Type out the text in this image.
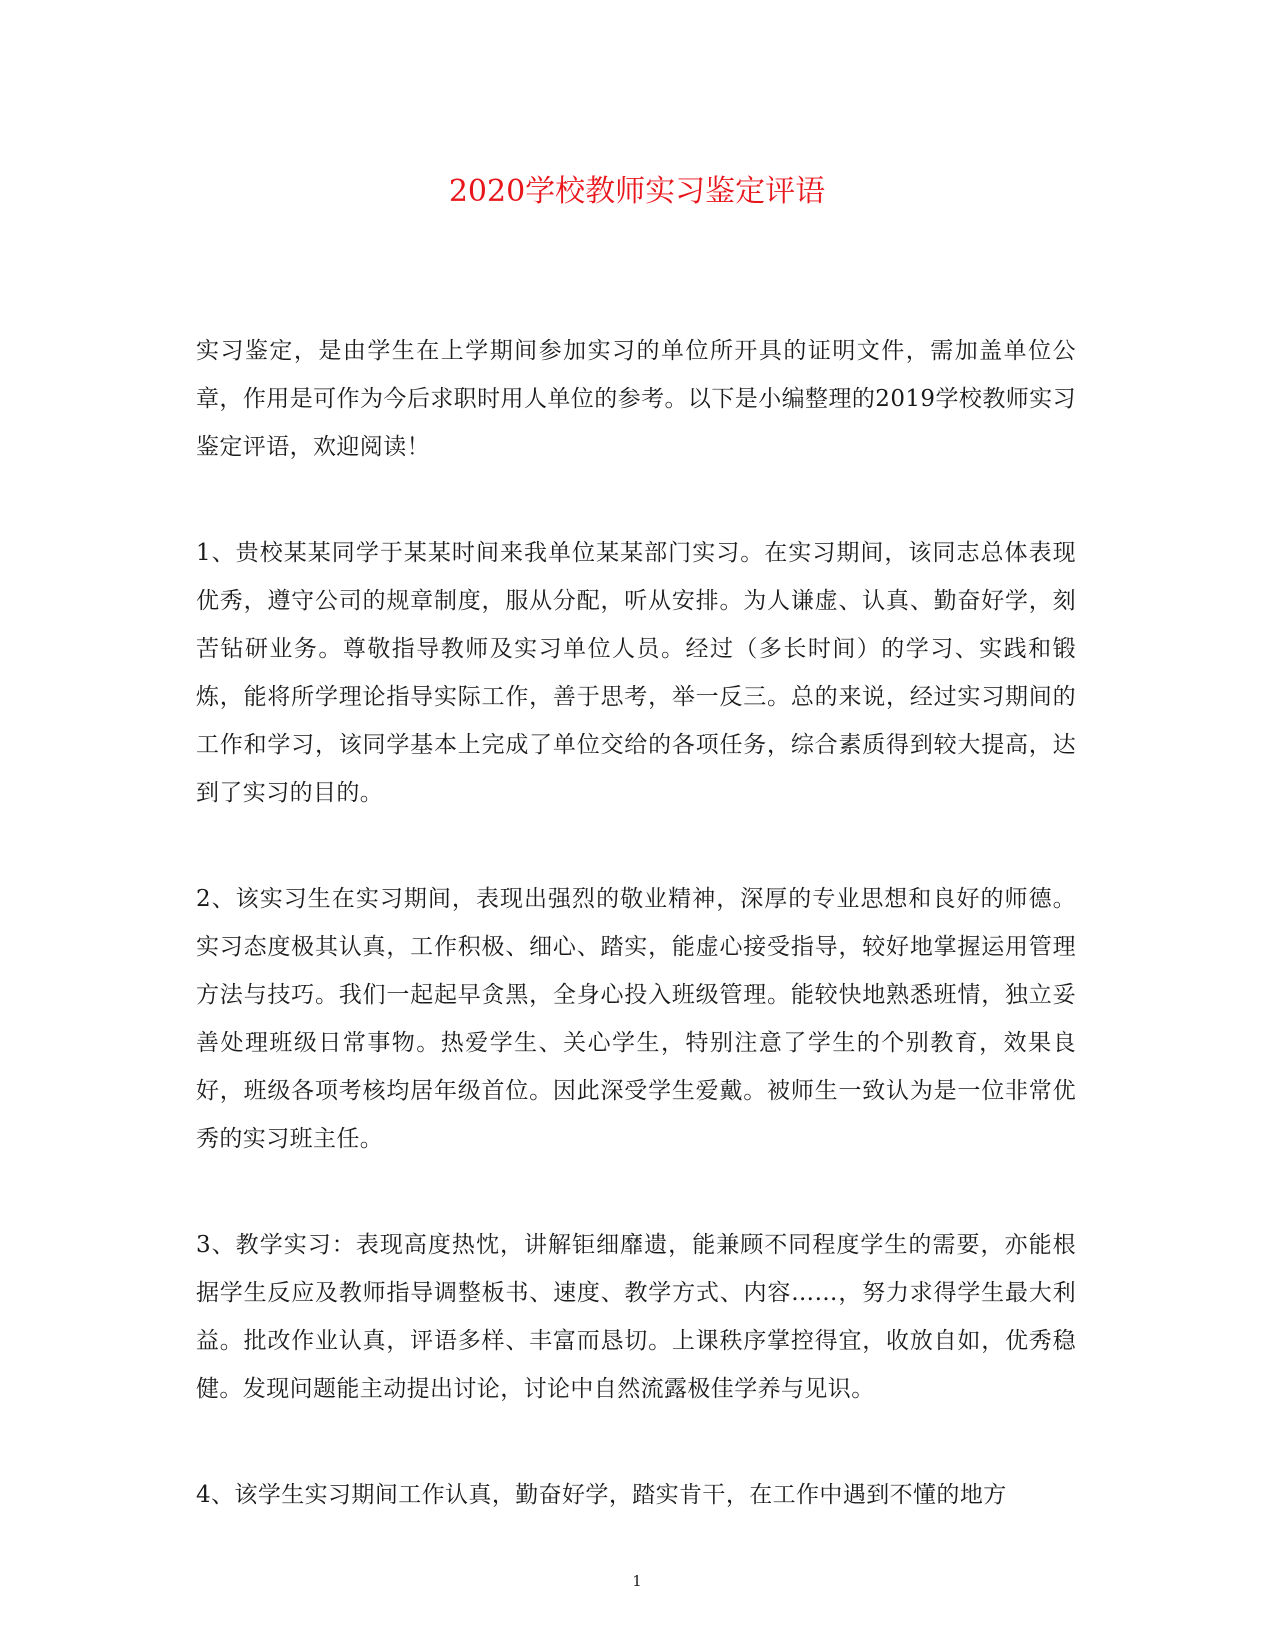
2020学校教师实习鉴定评语

实习鉴定，是由学生在上学期间参加实习的单位所开具的证明文件，需加盖单位公章，作用是可作为今后求职时用人单位的参考。以下是小编整理的2019学校教师实习鉴定评语，欢迎阅读！

1、贵校某某同学于某某时间来我单位某某部门实习。在实习期间，该同志总体表现优秀，遵守公司的规章制度，服从分配，听从安排。为人谦虚、认真、勤奋好学，刻苦钻研业务。尊敬指导教师及实习单位人员。经过（多长时间）的学习、实践和锻炼，能将所学理论指导实际工作，善于思考，举一反三。总的来说，经过实习期间的工作和学习，该同学基本上完成了单位交给的各项任务，综合素质得到较大提高，达到了实习的目的。

2、该实习生在实习期间，表现出强烈的敬业精神，深厚的专业思想和良好的师德。实习态度极其认真，工作积极、细心、踏实，能虚心接受指导，较好地掌握运用管理方法与技巧。我们一起起早贪黑，全身心投入班级管理。能较快地熟悉班情，独立妥善处理班级日常事物。热爱学生、关心学生，特别注意了学生的个别教育，效果良好，班级各项考核均居年级首位。因此深受学生爱戴。被师生一致认为是一位非常优秀的实习班主任。

3、教学实习：表现高度热忱，讲解钜细靡遗，能兼顾不同程度学生的需要，亦能根据学生反应及教师指导调整板书、速度、教学方式、内容……，努力求得学生最大利益。批改作业认真，评语多样、丰富而恳切。上课秩序掌控得宜，收放自如，优秀稳健。发现问题能主动提出讨论，讨论中自然流露极佳学养与见识。

4、该学生实习期间工作认真，勤奋好学，踏实肯干，在工作中遇到不懂的地方

1
